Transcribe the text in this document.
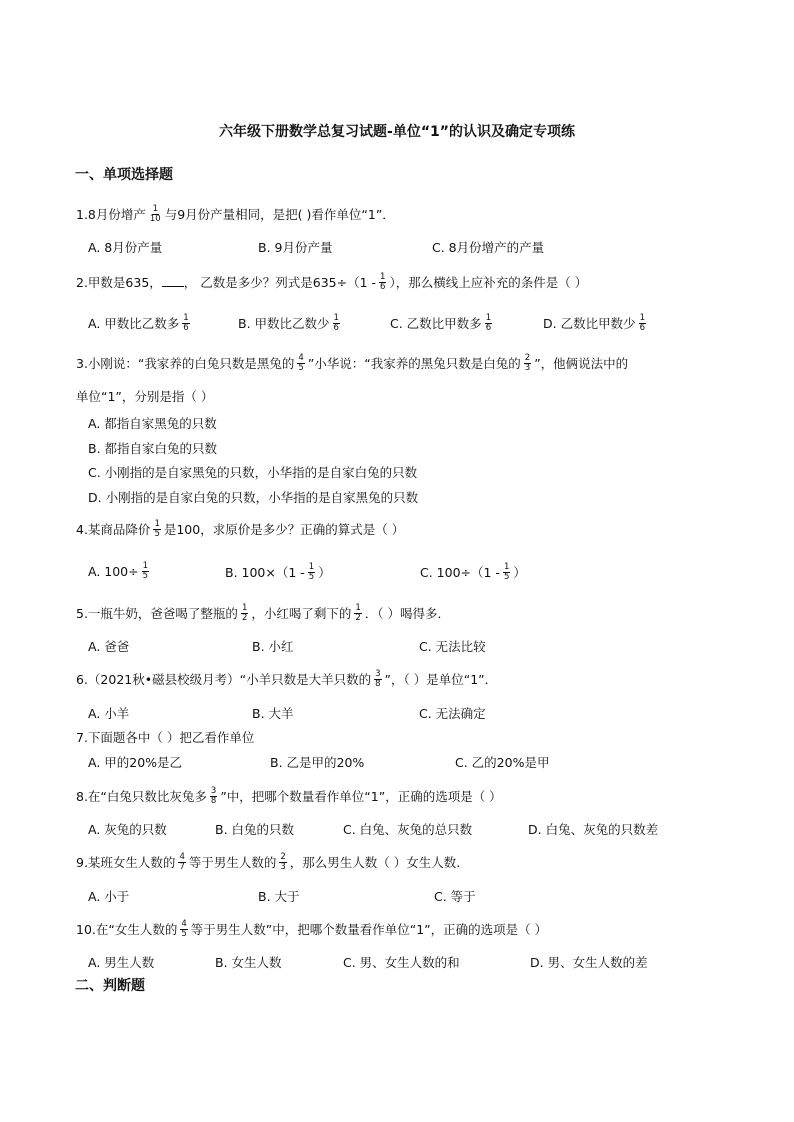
六年级下册数学总复习试题-单位“1”的认识及确定专项练
一、单项选择题
1.8月份增产 $\frac{1}{10}$ 与9月份产量相同，是把( )看作单位“1”．
A. 8月份产量	B. 9月份产量	C. 8月份增产的产量
2.甲数是635， ， 乙数是多少？列式是$635\div(1 - \frac{1}{6}$ ），那么横线上应补充的条件是（ ）
A. 甲数比乙数多 $\frac{1}{6}$	B. 甲数比乙数少 $\frac{1}{6}$	C. 乙数比甲数多 $\frac{1}{6}$	D. 乙数比甲数少 $\frac{1}{6}$
3.小刚说：“我家养的白兔只数是黑兔的 $\frac{4}{5}$ ”小华说：“我家养的黑兔只数是白兔的 $\frac{2}{3}$ ”，他俩说法中的
单位“1”，分别是指（ ）
A. 都指自家黑兔的只数
B. 都指自家白兔的只数
C. 小刚指的是自家黑兔的只数，小华指的是自家白兔的只数
D. 小刚指的是自家白兔的只数，小华指的是自家黑兔的只数
4.某商品降价 $\frac{1}{5}$ 是100，求原价是多少？正确的算式是（ ）
A. $100\div \frac{1}{5}$	B. $100\times(1 - \frac{1}{5}$ ）	C. $100\div(1 - \frac{1}{5}$ ）
5.一瓶牛奶，爸爸喝了整瓶的 $\frac{1}{2}$ ，小红喝了剩下的 $\frac{1}{2}$ ．（ ）喝得多．
A. 爸爸	B. 小红	C. 无法比较
6.（2021秋•磁县校级月考）“小羊只数是大羊只数的 $\frac{3}{8}$ ”，（ ）是单位“1”．
A. 小羊	B. 大羊	C. 无法确定
7.下面题各中（ ）把乙看作单位
A. 甲的20%是乙	B. 乙是甲的20%	C. 乙的20%是甲
8.在“白兔只数比灰兔多 $\frac{3}{8}$ ”中，把哪个数量看作单位“1”，正确的选项是（ ）
A. 灰兔的只数	B. 白兔的只数	C. 白兔、灰兔的总只数	D. 白兔、灰兔的只数差
9.某班女生人数的 $\frac{4}{7}$ 等于男生人数的 $\frac{2}{3}$ ，那么男生人数（ ）女生人数.
A. 小于	B. 大于	C. 等于
10.在“女生人数的 $\frac{4}{5}$ 等于男生人数”中，把哪个数量看作单位“1”，正确的选项是（ ）
A. 男生人数	B. 女生人数	C. 男、女生人数的和	D. 男、女生人数的差
二、判断题
